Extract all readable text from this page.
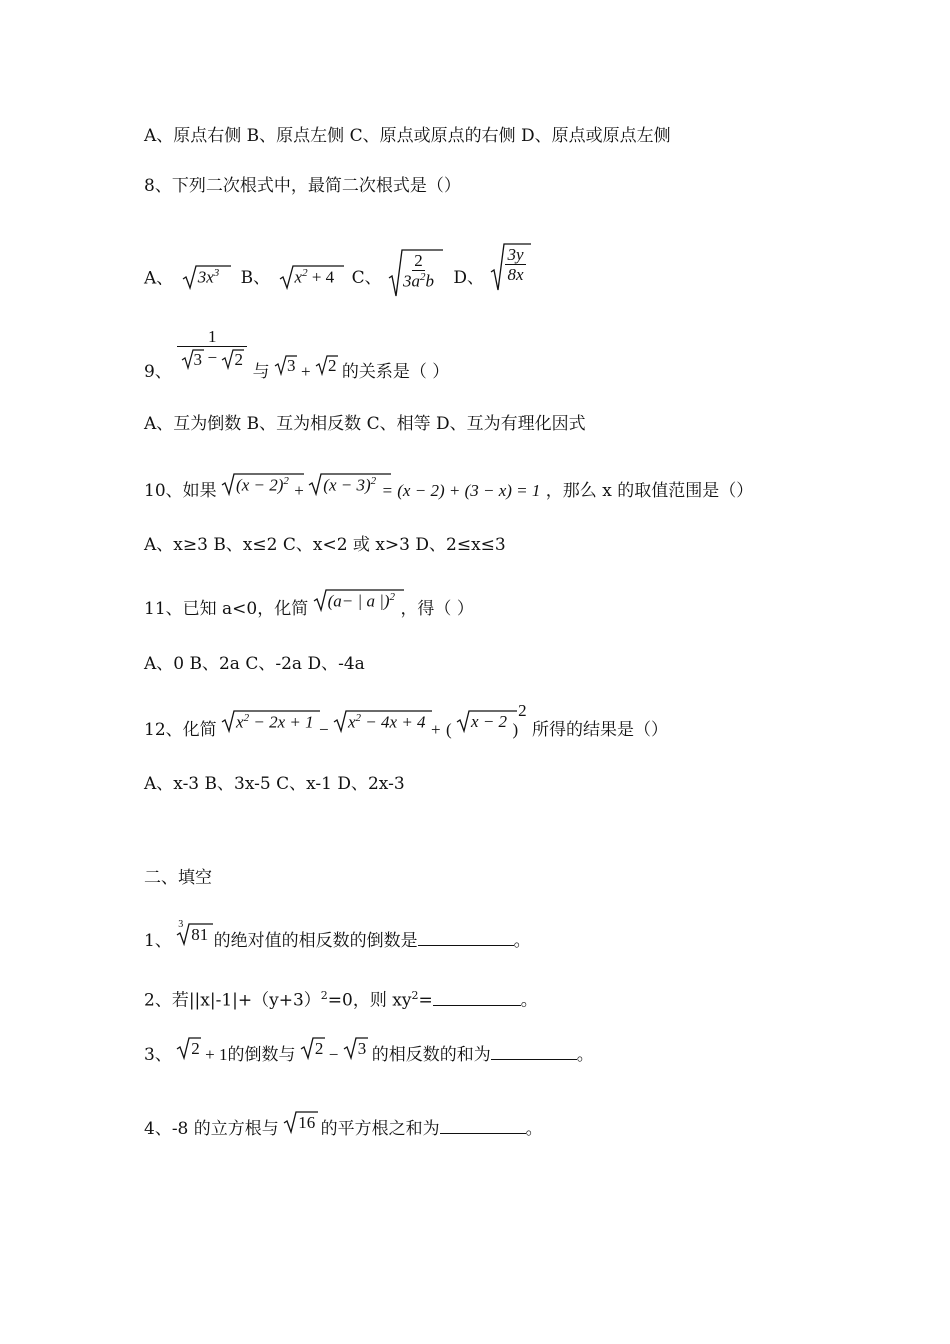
A、原点右侧 B、原点左侧 C、原点或原点的右侧 D、原点或原点左侧
8、下列二次根式中，最简二次根式是（）
A、 $3x^3$ B、 $x^2 + 4$ C、 $\frac{2}{3a^2b}$ D、 $\frac{3y}{8x}$
9、
$\frac{1}{3 - 2}$
与 3 + 2 的关系是（ ）
A、互为倒数 B、互为相反数 C、相等 D、互为有理化因式
10、如果 $(x - 2)^2 + (x - 3)^2 = (x - 2) + (3 - x) = 1$ ，那么 x 的取值范围是（）
A、x≥3 B、x≤2 C、x<2 或 x>3 D、2≤x≤3
11、已知 a<0，化简 (a− | a |)$^2$ ，得（ ）
A、0 B、2a C、-2a D、-4a
12、化简 $x^2 - 2x + 1 - x^2 - 4x + 4$ + ( x − 2 )$^2$ 所得的结果是（）
A、x-3 B、3x-5 C、x-1 D、2x-3
二、填空
1、
3
81 的绝对值的相反数的倒数是	。
2、若$||x|-1|+(y+3)^2=0$，则 $xy^2=$	。
3、 2 + 1的倒数与 2 − 3 的相反数的和为	。
4、-8 的立方根与 16 的平方根之和为	。
